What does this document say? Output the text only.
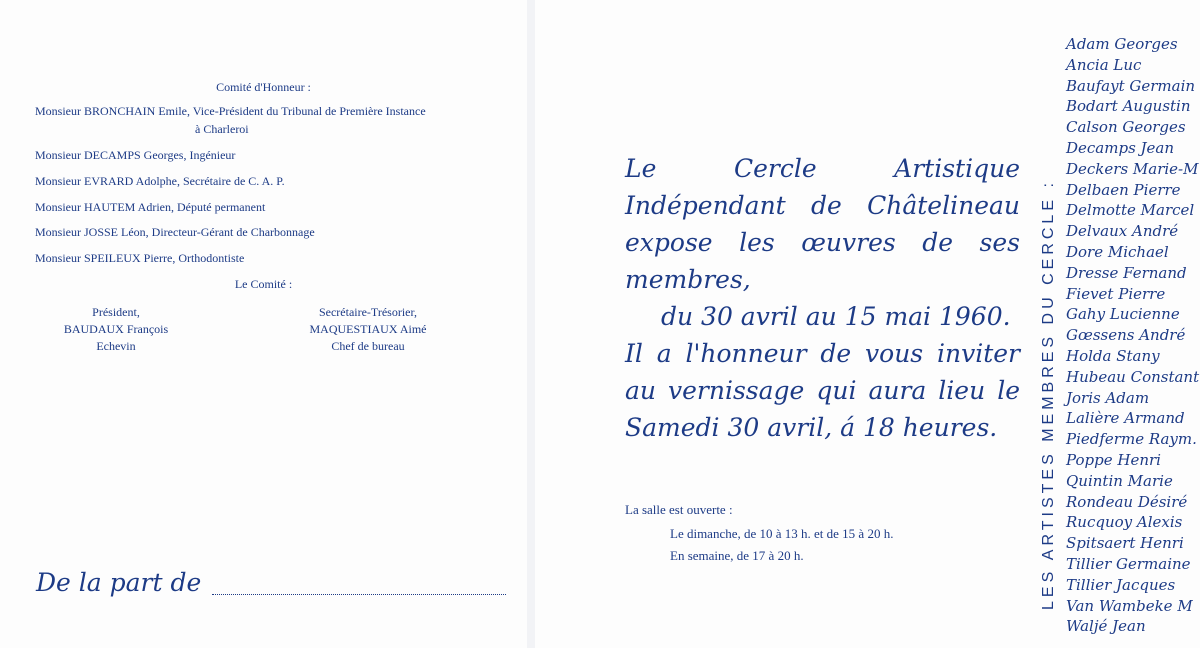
Comité d'Honneur :
Monsieur BRONCHAIN Emile, Vice-Président du Tribunal de Première Instance
à Charleroi
Monsieur DECAMPS Georges, Ingénieur
Monsieur EVRARD Adolphe, Secrétaire de C. A. P.
Monsieur HAUTEM Adrien, Député permanent
Monsieur JOSSE Léon, Directeur-Gérant de Charbonnage
Monsieur SPEILEUX Pierre, Orthodontiste
Le Comité :
Président,
BAUDAUX François
Echevin
Secrétaire-Trésorier,
MAQUESTIAUX Aimé
Chef de bureau
De la part de

Le Cercle Artistique Indépendant de Châtelineau expose les œuvres de ses membres,

du 30 avril au 15 mai 1960.

Il a l'honneur de vous inviter au vernissage qui aura lieu le Samedi 30 avril, á 18 heures.

La salle est ouverte :
Le dimanche, de 10 à 13 h. et de 15 à 20 h.
En semaine, de 17 à 20 h.	LES ARTISTES MEMBRES DU CERCLE :
Adam Georges
Ancia Luc
Baufayt Germain
Bodart Augustin
Calson Georges
Decamps Jean
Deckers Marie-M
Delbaen Pierre
Delmotte Marcel
Delvaux André
Dore Michael
Dresse Fernand
Fievet Pierre
Gahy Lucienne
Gœssens André
Holda Stany
Hubeau Constant
Joris Adam
Lalière Armand
Piedferme Raym.
Poppe Henri
Quintin Marie
Rondeau Désiré
Rucquoy Alexis
Spitsaert Henri
Tillier Germaine
Tillier Jacques
Van Wambeke M
Waljé Jean
